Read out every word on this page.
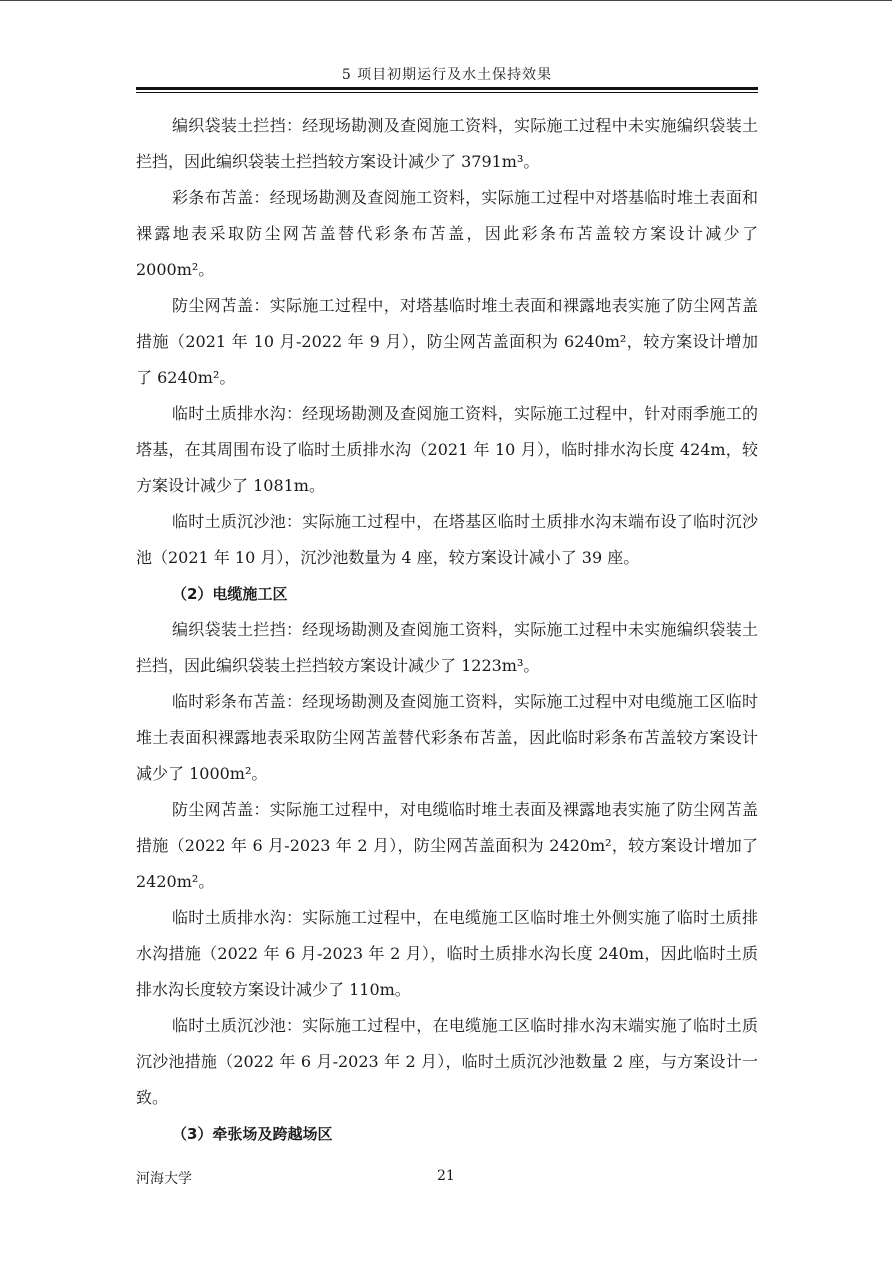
5 项目初期运行及水土保持效果

编织袋装土拦挡：经现场勘测及查阅施工资料，实际施工过程中未实施编织袋装土拦挡，因此编织袋装土拦挡较方案设计减少了 3791m³。

彩条布苫盖：经现场勘测及查阅施工资料，实际施工过程中对塔基临时堆土表面和裸露地表采取防尘网苫盖替代彩条布苫盖，因此彩条布苫盖较方案设计减少了 2000m²。

防尘网苫盖：实际施工过程中，对塔基临时堆土表面和裸露地表实施了防尘网苫盖措施（2021 年 10 月-2022 年 9 月），防尘网苫盖面积为 6240m²，较方案设计增加了 6240m²。

临时土质排水沟：经现场勘测及查阅施工资料，实际施工过程中，针对雨季施工的塔基，在其周围布设了临时土质排水沟（2021 年 10 月），临时排水沟长度 424m，较方案设计减少了 1081m。

临时土质沉沙池：实际施工过程中，在塔基区临时土质排水沟末端布设了临时沉沙池（2021 年 10 月），沉沙池数量为 4 座，较方案设计减小了 39 座。

（2）电缆施工区

编织袋装土拦挡：经现场勘测及查阅施工资料，实际施工过程中未实施编织袋装土拦挡，因此编织袋装土拦挡较方案设计减少了 1223m³。

临时彩条布苫盖：经现场勘测及查阅施工资料，实际施工过程中对电缆施工区临时堆土表面积裸露地表采取防尘网苫盖替代彩条布苫盖，因此临时彩条布苫盖较方案设计减少了 1000m²。

防尘网苫盖：实际施工过程中，对电缆临时堆土表面及裸露地表实施了防尘网苫盖措施（2022 年 6 月-2023 年 2 月），防尘网苫盖面积为 2420m²，较方案设计增加了 2420m²。

临时土质排水沟：实际施工过程中，在电缆施工区临时堆土外侧实施了临时土质排水沟措施（2022 年 6 月-2023 年 2 月），临时土质排水沟长度 240m，因此临时土质排水沟长度较方案设计减少了 110m。

临时土质沉沙池：实际施工过程中，在电缆施工区临时排水沟末端实施了临时土质沉沙池措施（2022 年 6 月-2023 年 2 月），临时土质沉沙池数量 2 座，与方案设计一致。

（3）牵张场及跨越场区

河海大学	21
